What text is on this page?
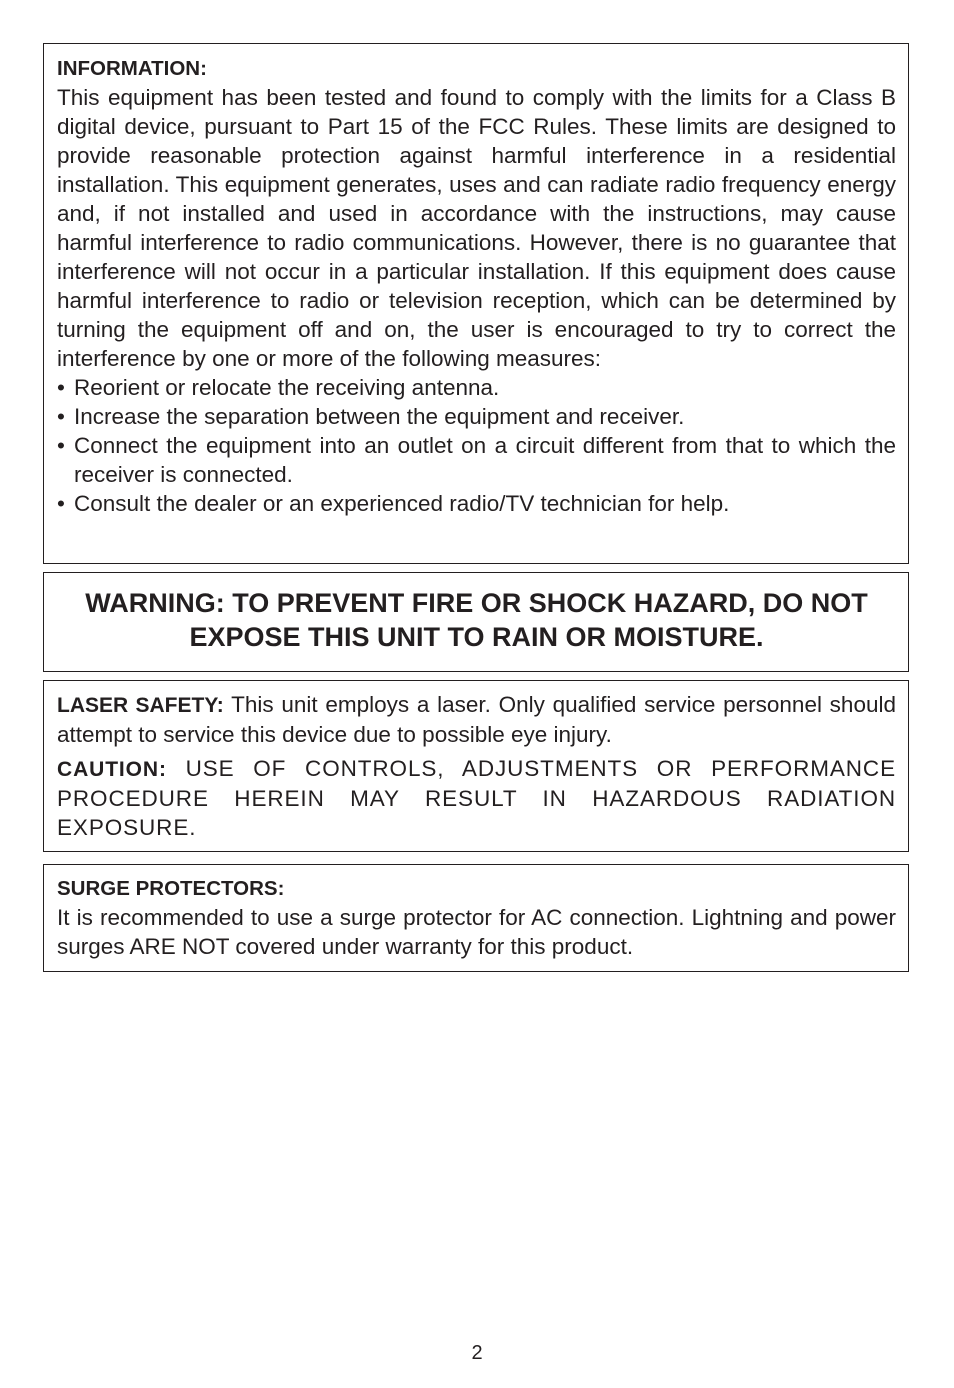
INFORMATION:

This equipment has been tested and found to comply with the limits for a Class B digital device, pursuant to Part 15 of the FCC Rules. These limits are designed to provide reasonable protection against harmful interference in a residential installation. This equipment generates, uses and can radiate radio frequency energy and, if not installed and used in accordance with the instructions, may cause harmful interference to radio communications. However, there is no guarantee that interference will not occur in a particular installation. If this equipment does cause harmful interference to radio or television reception, which can be determined by turning the equipment off and on, the user is encouraged to try to correct the interference by one or more of the following measures:

• Reorient or relocate the receiving antenna.
• Increase the separation between the equipment and receiver.
• Connect the equipment into an outlet on a circuit different from that to which the receiver is connected.
• Consult the dealer or an experienced radio/TV technician for help.

WARNING: TO PREVENT FIRE OR SHOCK HAZARD, DO NOT EXPOSE THIS UNIT TO RAIN OR MOISTURE.

LASER SAFETY: This unit employs a laser. Only qualified service personnel should attempt to service this device due to possible eye injury.

CAUTION: USE OF CONTROLS, ADJUSTMENTS OR PERFORMANCE PROCEDURE HEREIN MAY RESULT IN HAZARDOUS RADIATION EXPOSURE.

SURGE PROTECTORS:

It is recommended to use a surge protector for AC connection. Lightning and power surges ARE NOT covered under warranty for this product.

2
